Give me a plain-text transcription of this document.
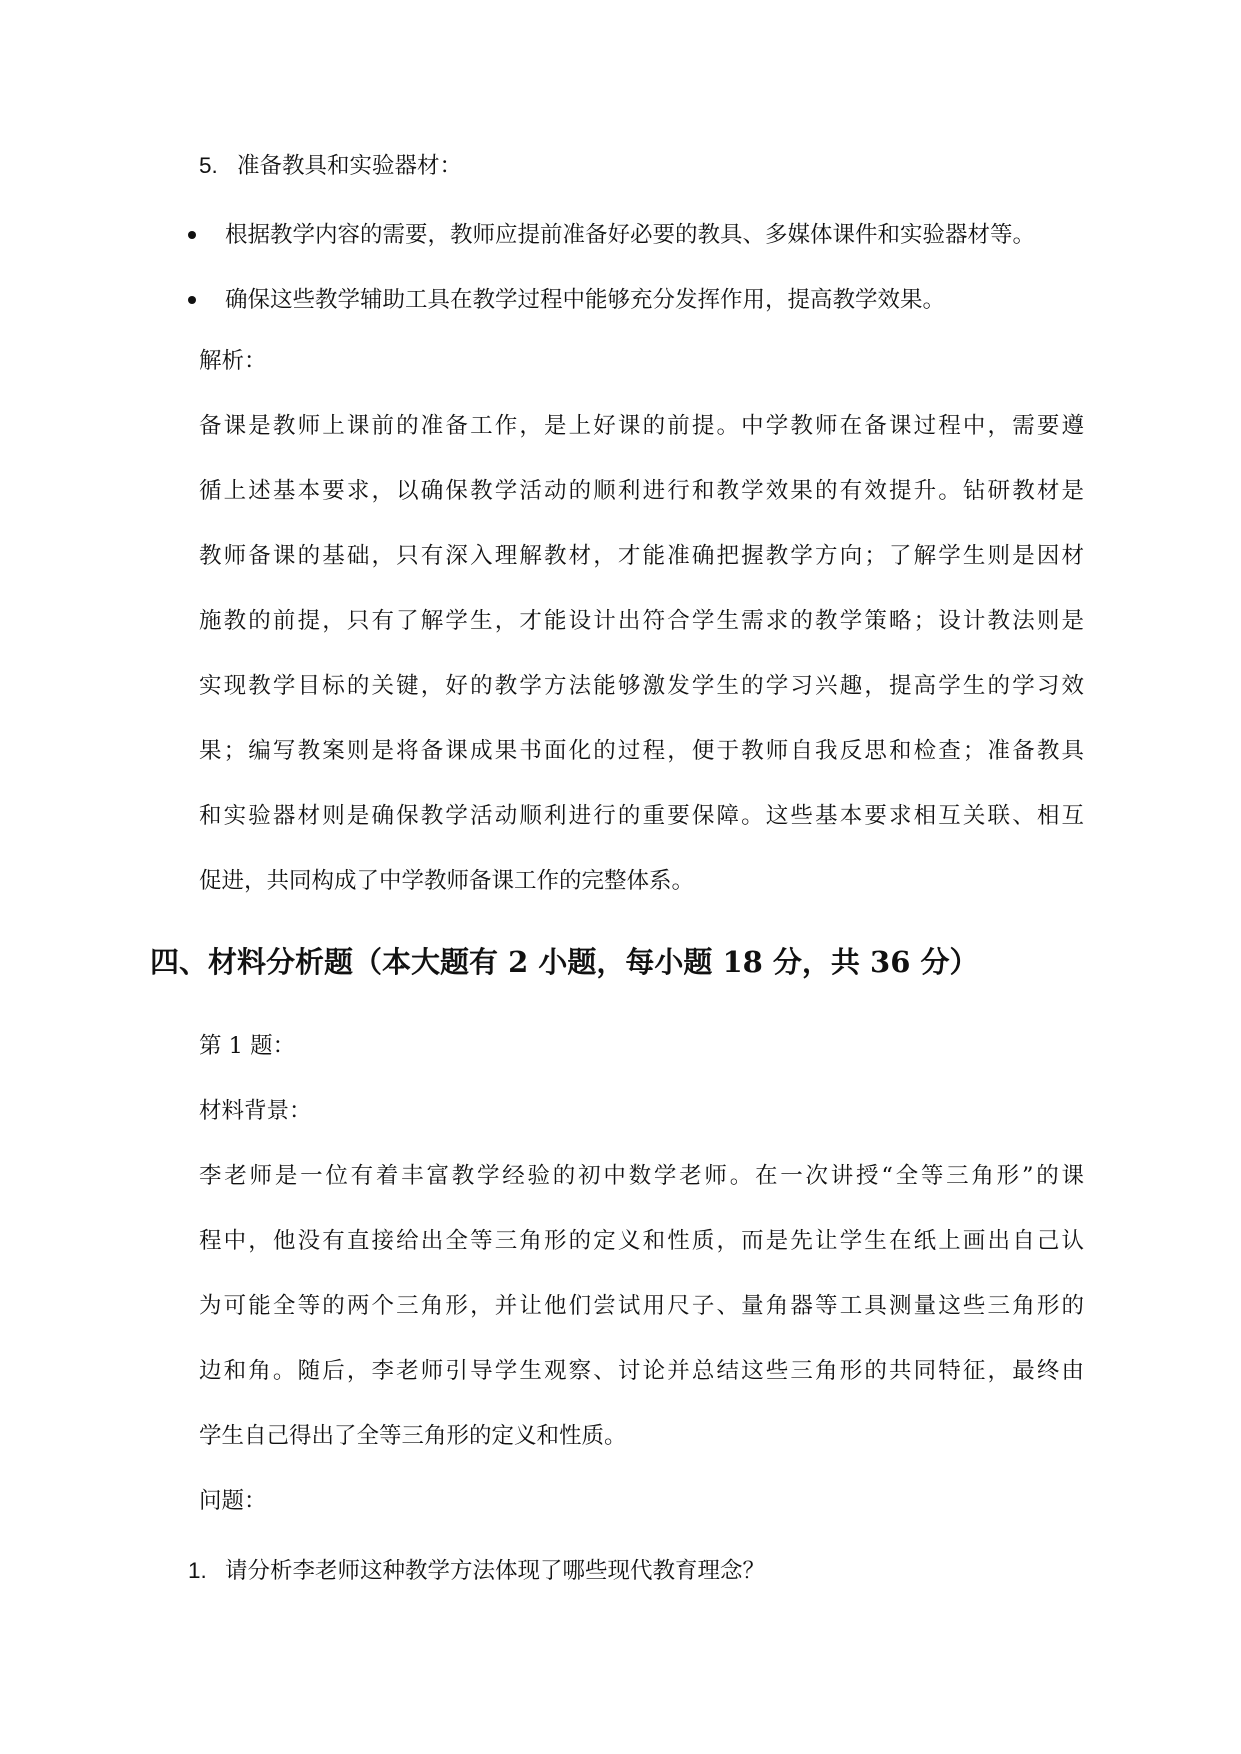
5. 准备教具和实验器材：
根据教学内容的需要，教师应提前准备好必要的教具、多媒体课件和实验器材等。
确保这些教学辅助工具在教学过程中能够充分发挥作用，提高教学效果。
解析：
备课是教师上课前的准备工作，是上好课的前提。中学教师在备课过程中，需要遵
循上述基本要求，以确保教学活动的顺利进行和教学效果的有效提升。钻研教材是
教师备课的基础，只有深入理解教材，才能准确把握教学方向；了解学生则是因材
施教的前提，只有了解学生，才能设计出符合学生需求的教学策略；设计教法则是
实现教学目标的关键，好的教学方法能够激发学生的学习兴趣，提高学生的学习效
果；编写教案则是将备课成果书面化的过程，便于教师自我反思和检查；准备教具
和实验器材则是确保教学活动顺利进行的重要保障。这些基本要求相互关联、相互
促进，共同构成了中学教师备课工作的完整体系。
四、材料分析题（本大题有 2 小题，每小题 18 分，共 36 分）
第 1 题：
材料背景：
李老师是一位有着丰富教学经验的初中数学老师。在一次讲授“全等三角形”的课
程中，他没有直接给出全等三角形的定义和性质，而是先让学生在纸上画出自己认
为可能全等的两个三角形，并让他们尝试用尺子、量角器等工具测量这些三角形的
边和角。随后，李老师引导学生观察、讨论并总结这些三角形的共同特征，最终由
学生自己得出了全等三角形的定义和性质。
问题：
1. 请分析李老师这种教学方法体现了哪些现代教育理念？
